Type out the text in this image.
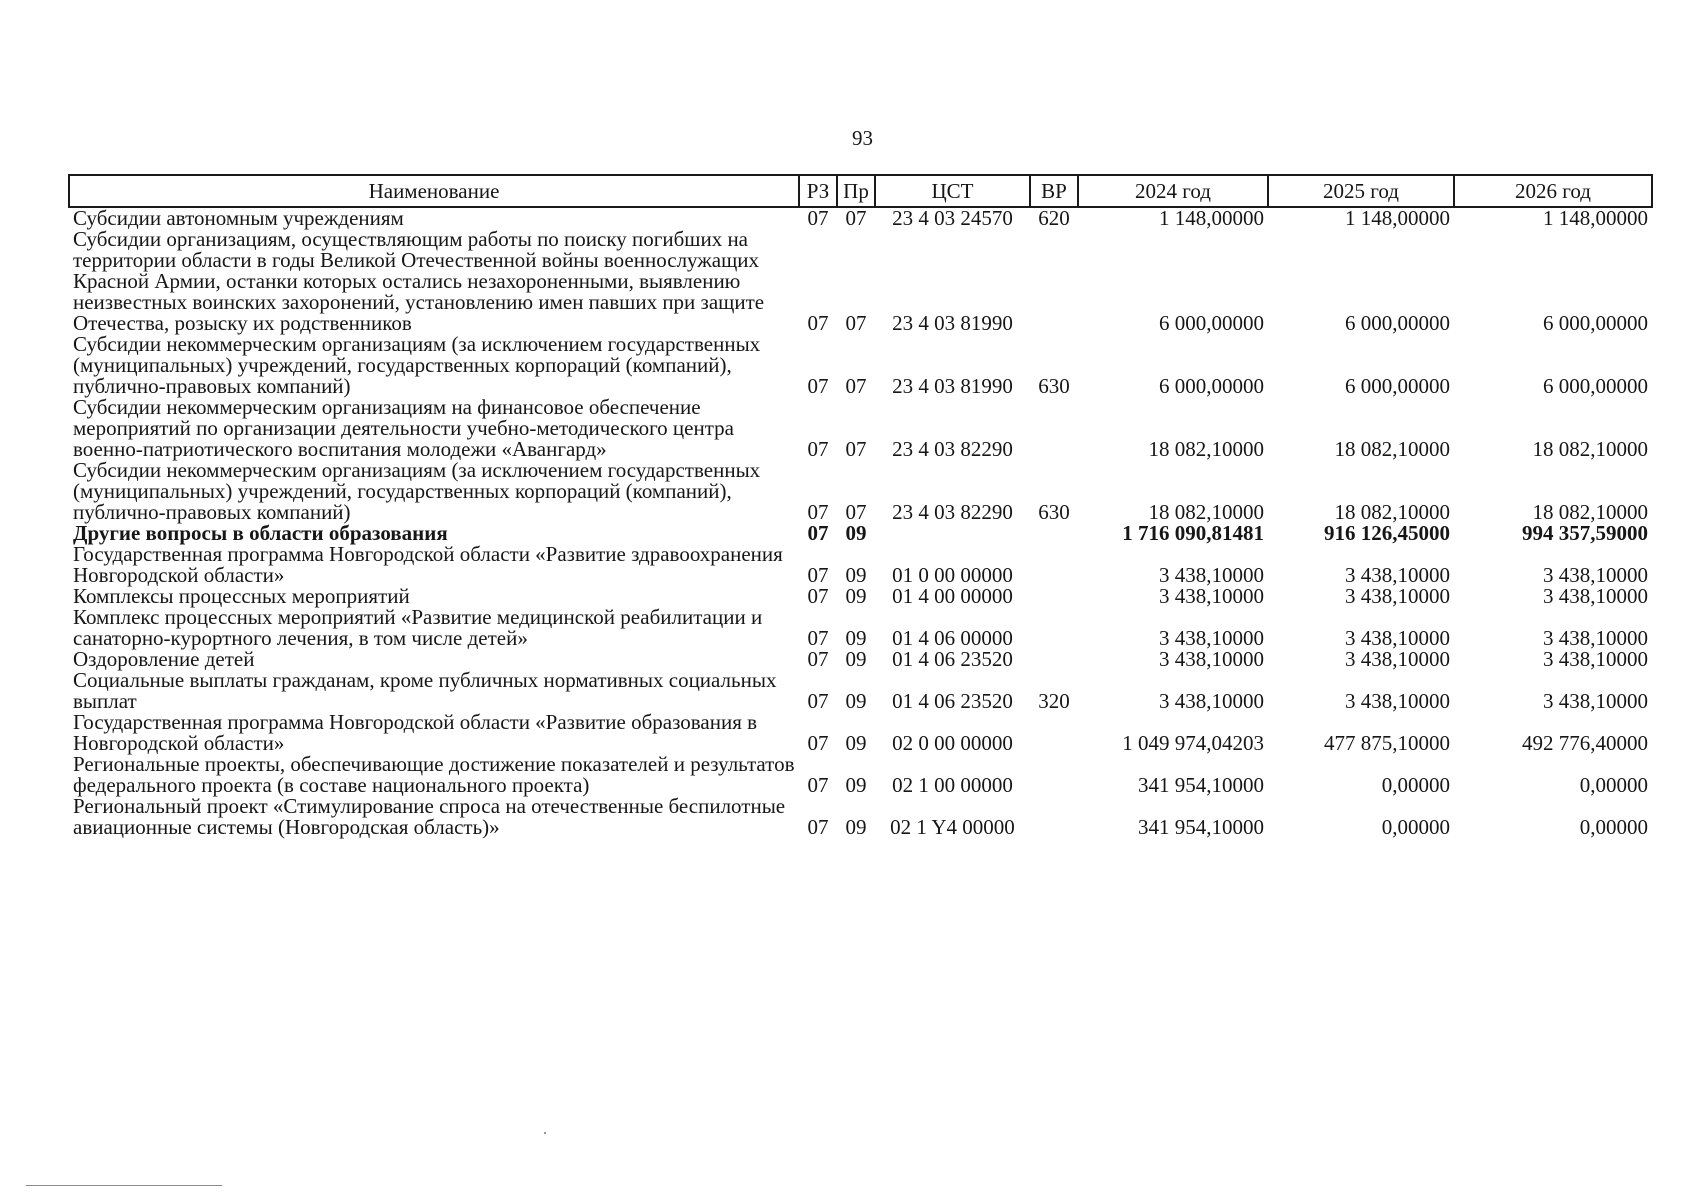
93
Наименование	РЗ	Пр	ЦСТ	ВР	2024 год	2025 год	2026 год
Субсидии автономным учреждениям	07	07	23 4 03 24570	620	1 148,00000	1 148,00000	1 148,00000
Субсидии организациям, осуществляющим работы по поиску погибших на территории области в годы Великой Отечественной войны военнослужащих Красной Армии, останки которых остались незахороненными, выявлению неизвестных воинских захоронений, установлению имен павших при защите Отечества, розыску их родственников	07	07	23 4 03 81990		6 000,00000	6 000,00000	6 000,00000
Субсидии некоммерческим организациям (за исключением государственных (муниципальных) учреждений, государственных корпораций (компаний), публично-правовых компаний)	07	07	23 4 03 81990	630	6 000,00000	6 000,00000	6 000,00000
Субсидии некоммерческим организациям на финансовое обеспечение мероприятий по организации деятельности учебно-методического центра военно-патриотического воспитания молодежи «Авангард»	07	07	23 4 03 82290		18 082,10000	18 082,10000	18 082,10000
Субсидии некоммерческим организациям (за исключением государственных (муниципальных) учреждений, государственных корпораций (компаний), публично-правовых компаний)	07	07	23 4 03 82290	630	18 082,10000	18 082,10000	18 082,10000
Другие вопросы в области образования	07	09			1 716 090,81481	916 126,45000	994 357,59000
Государственная программа Новгородской области «Развитие здравоохранения Новгородской области»	07	09	01 0 00 00000		3 438,10000	3 438,10000	3 438,10000
Комплексы процессных мероприятий	07	09	01 4 00 00000		3 438,10000	3 438,10000	3 438,10000
Комплекс процессных мероприятий «Развитие медицинской реабилитации и санаторно-курортного лечения, в том числе детей»	07	09	01 4 06 00000		3 438,10000	3 438,10000	3 438,10000
Оздоровление детей	07	09	01 4 06 23520		3 438,10000	3 438,10000	3 438,10000
Социальные выплаты гражданам, кроме публичных нормативных социальных выплат	07	09	01 4 06 23520	320	3 438,10000	3 438,10000	3 438,10000
Государственная программа Новгородской области «Развитие образования в Новгородской области»	07	09	02 0 00 00000		1 049 974,04203	477 875,10000	492 776,40000
Региональные проекты, обеспечивающие достижение показателей и результатов федерального проекта (в составе национального проекта)	07	09	02 1 00 00000		341 954,10000	0,00000	0,00000
Региональный проект «Стимулирование спроса на отечественные беспилотные авиационные системы (Новгородская область)»	07	09	02 1 Y4 00000		341 954,10000	0,00000	0,00000
